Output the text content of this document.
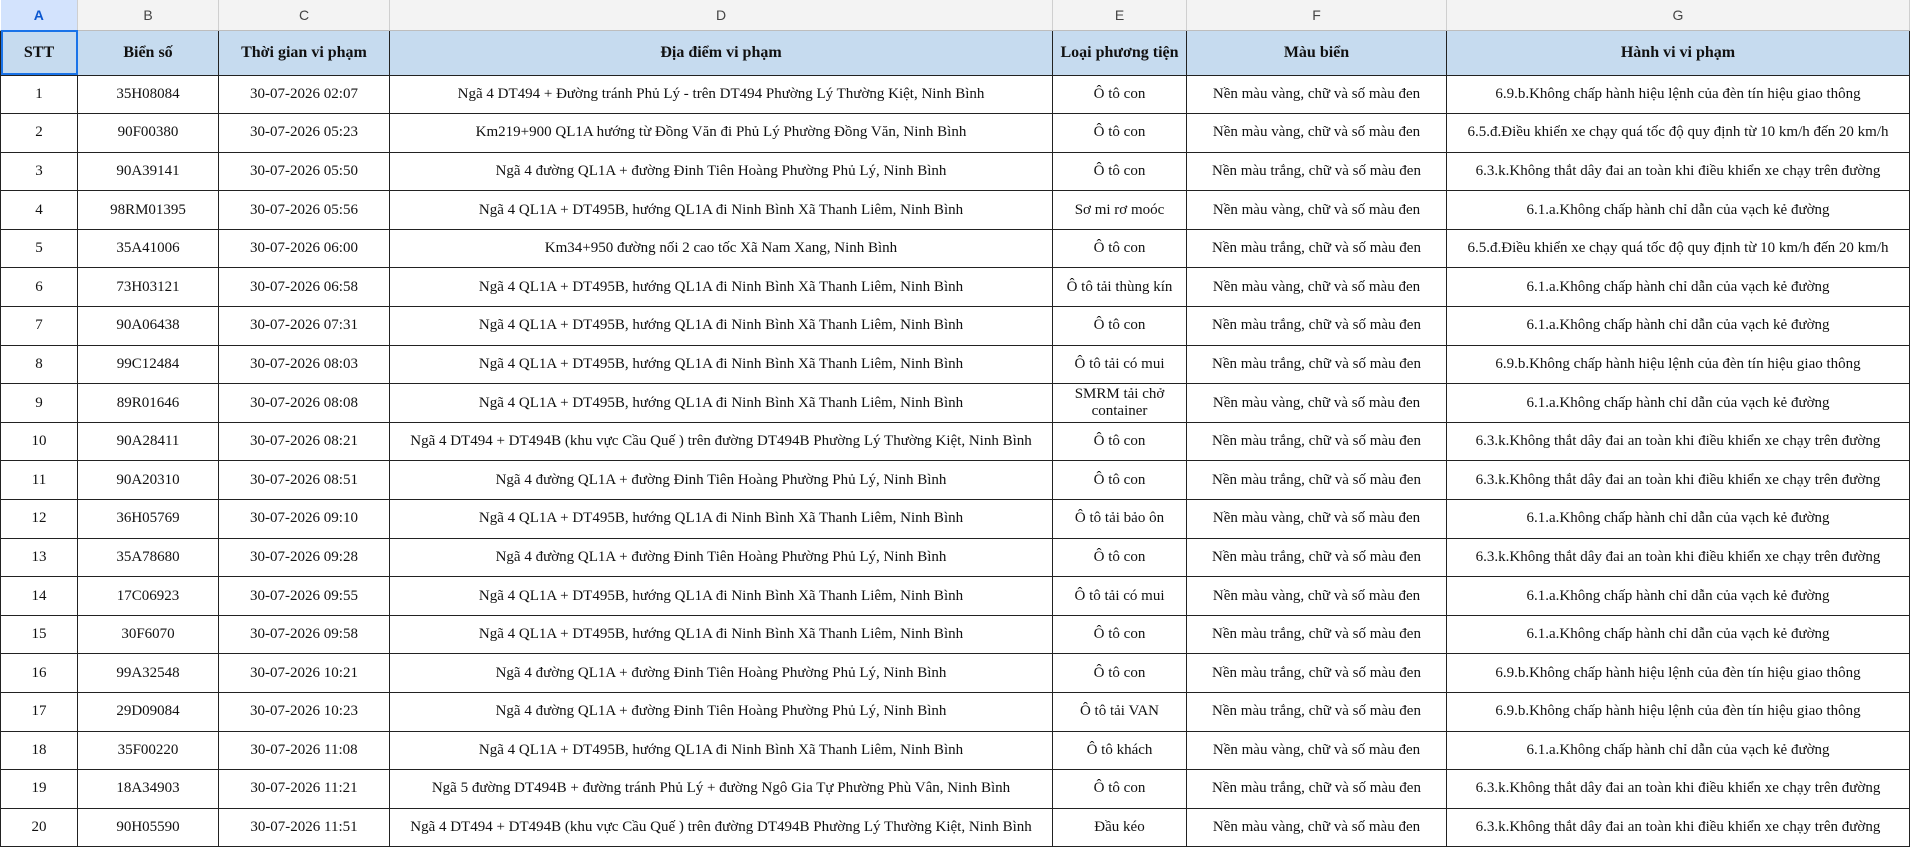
A	B	C	D	E	F	G
STT	Biển số	Thời gian vi phạm	Địa điểm vi phạm	Loại phương tiện	Màu biển	Hành vi vi phạm
1	35H08084	30-07-2026 02:07	Ngã 4 DT494 + Đường tránh Phủ Lý - trên DT494 Phường Lý Thường Kiệt, Ninh Bình	Ô tô con	Nền màu vàng, chữ và số màu đen	6.9.b.Không chấp hành hiệu lệnh của đèn tín hiệu giao thông
2	90F00380	30-07-2026 05:23	Km219+900 QL1A hướng từ Đồng Văn đi Phủ Lý Phường Đồng Văn, Ninh Bình	Ô tô con	Nền màu vàng, chữ và số màu đen	6.5.đ.Điều khiển xe chạy quá tốc độ quy định từ 10 km/h đến 20 km/h
3	90A39141	30-07-2026 05:50	Ngã 4 đường QL1A + đường Đinh Tiên Hoàng Phường Phủ Lý, Ninh Bình	Ô tô con	Nền màu trắng, chữ và số màu đen	6.3.k.Không thắt dây đai an toàn khi điều khiển xe chạy trên đường
4	98RM01395	30-07-2026 05:56	Ngã 4 QL1A + DT495B, hướng QL1A đi Ninh Bình Xã Thanh Liêm, Ninh Bình	Sơ mi rơ moóc	Nền màu vàng, chữ và số màu đen	6.1.a.Không chấp hành chỉ dẫn của vạch kẻ đường
5	35A41006	30-07-2026 06:00	Km34+950 đường nối 2 cao tốc Xã Nam Xang, Ninh Bình	Ô tô con	Nền màu trắng, chữ và số màu đen	6.5.đ.Điều khiển xe chạy quá tốc độ quy định từ 10 km/h đến 20 km/h
6	73H03121	30-07-2026 06:58	Ngã 4 QL1A + DT495B, hướng QL1A đi Ninh Bình Xã Thanh Liêm, Ninh Bình	Ô tô tải thùng kín	Nền màu vàng, chữ và số màu đen	6.1.a.Không chấp hành chỉ dẫn của vạch kẻ đường
7	90A06438	30-07-2026 07:31	Ngã 4 QL1A + DT495B, hướng QL1A đi Ninh Bình Xã Thanh Liêm, Ninh Bình	Ô tô con	Nền màu trắng, chữ và số màu đen	6.1.a.Không chấp hành chỉ dẫn của vạch kẻ đường
8	99C12484	30-07-2026 08:03	Ngã 4 QL1A + DT495B, hướng QL1A đi Ninh Bình Xã Thanh Liêm, Ninh Bình	Ô tô tải có mui	Nền màu trắng, chữ và số màu đen	6.9.b.Không chấp hành hiệu lệnh của đèn tín hiệu giao thông
9	89R01646	30-07-2026 08:08	Ngã 4 QL1A + DT495B, hướng QL1A đi Ninh Bình Xã Thanh Liêm, Ninh Bình	SMRM tải chở container	Nền màu vàng, chữ và số màu đen	6.1.a.Không chấp hành chỉ dẫn của vạch kẻ đường
10	90A28411	30-07-2026 08:21	Ngã 4 DT494 + DT494B (khu vực Cầu Quế ) trên đường DT494B Phường Lý Thường Kiệt, Ninh Bình	Ô tô con	Nền màu trắng, chữ và số màu đen	6.3.k.Không thắt dây đai an toàn khi điều khiển xe chạy trên đường
11	90A20310	30-07-2026 08:51	Ngã 4 đường QL1A + đường Đinh Tiên Hoàng Phường Phủ Lý, Ninh Bình	Ô tô con	Nền màu trắng, chữ và số màu đen	6.3.k.Không thắt dây đai an toàn khi điều khiển xe chạy trên đường
12	36H05769	30-07-2026 09:10	Ngã 4 QL1A + DT495B, hướng QL1A đi Ninh Bình Xã Thanh Liêm, Ninh Bình	Ô tô tải bảo ôn	Nền màu vàng, chữ và số màu đen	6.1.a.Không chấp hành chỉ dẫn của vạch kẻ đường
13	35A78680	30-07-2026 09:28	Ngã 4 đường QL1A + đường Đinh Tiên Hoàng Phường Phủ Lý, Ninh Bình	Ô tô con	Nền màu trắng, chữ và số màu đen	6.3.k.Không thắt dây đai an toàn khi điều khiển xe chạy trên đường
14	17C06923	30-07-2026 09:55	Ngã 4 QL1A + DT495B, hướng QL1A đi Ninh Bình Xã Thanh Liêm, Ninh Bình	Ô tô tải có mui	Nền màu vàng, chữ và số màu đen	6.1.a.Không chấp hành chỉ dẫn của vạch kẻ đường
15	30F6070	30-07-2026 09:58	Ngã 4 QL1A + DT495B, hướng QL1A đi Ninh Bình Xã Thanh Liêm, Ninh Bình	Ô tô con	Nền màu trắng, chữ và số màu đen	6.1.a.Không chấp hành chỉ dẫn của vạch kẻ đường
16	99A32548	30-07-2026 10:21	Ngã 4 đường QL1A + đường Đinh Tiên Hoàng Phường Phủ Lý, Ninh Bình	Ô tô con	Nền màu trắng, chữ và số màu đen	6.9.b.Không chấp hành hiệu lệnh của đèn tín hiệu giao thông
17	29D09084	30-07-2026 10:23	Ngã 4 đường QL1A + đường Đinh Tiên Hoàng Phường Phủ Lý, Ninh Bình	Ô tô tải VAN	Nền màu trắng, chữ và số màu đen	6.9.b.Không chấp hành hiệu lệnh của đèn tín hiệu giao thông
18	35F00220	30-07-2026 11:08	Ngã 4 QL1A + DT495B, hướng QL1A đi Ninh Bình Xã Thanh Liêm, Ninh Bình	Ô tô khách	Nền màu vàng, chữ và số màu đen	6.1.a.Không chấp hành chỉ dẫn của vạch kẻ đường
19	18A34903	30-07-2026 11:21	Ngã 5 đường DT494B + đường tránh Phủ Lý + đường Ngô Gia Tự Phường Phù Vân, Ninh Bình	Ô tô con	Nền màu trắng, chữ và số màu đen	6.3.k.Không thắt dây đai an toàn khi điều khiển xe chạy trên đường
20	90H05590	30-07-2026 11:51	Ngã 4 DT494 + DT494B (khu vực Cầu Quế ) trên đường DT494B Phường Lý Thường Kiệt, Ninh Bình	Đầu kéo	Nền màu vàng, chữ và số màu đen	6.3.k.Không thắt dây đai an toàn khi điều khiển xe chạy trên đường
